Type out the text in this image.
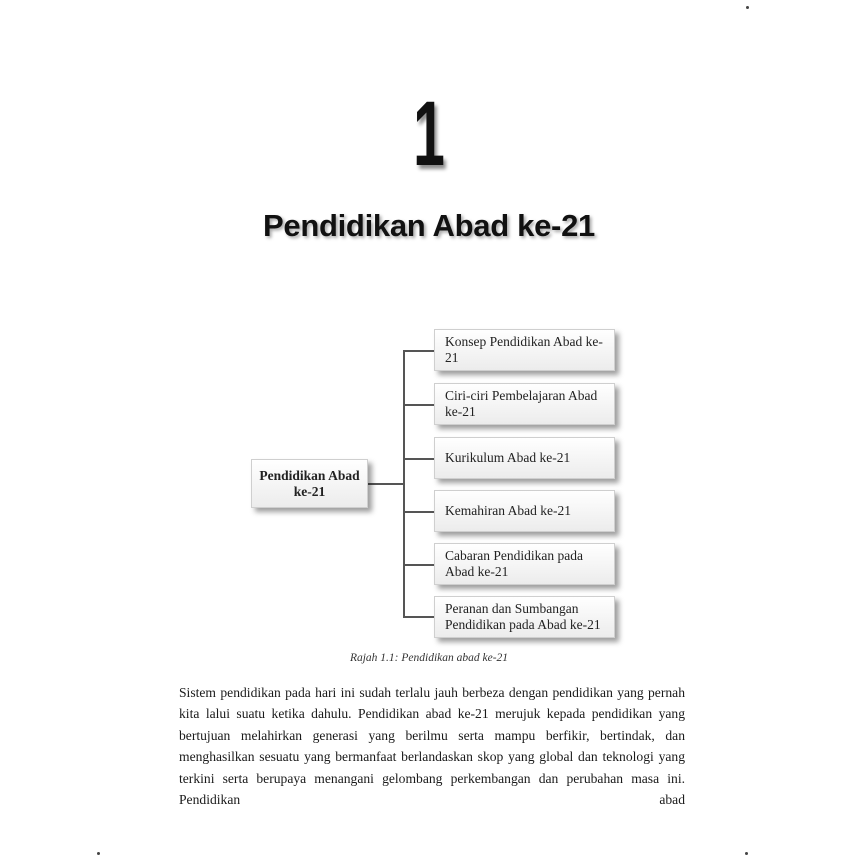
1
Pendidikan Abad ke-21
Pendidikan Abad ke-21
Konsep Pendidikan Abad ke-21
Ciri-ciri Pembelajaran Abad ke-21
Kurikulum Abad ke-21
Kemahiran Abad ke-21
Cabaran Pendidikan pada Abad ke-21
Peranan dan Sumbangan Pendidikan pada Abad ke-21
Rajah 1.1: Pendidikan abad ke-21
Sistem pendidikan pada hari ini sudah terlalu jauh berbeza dengan pendidikan yang pernah kita lalui suatu ketika dahulu. Pendidikan abad ke-21 merujuk kepada pendidikan yang bertujuan melahirkan generasi yang berilmu serta mampu berfikir, bertindak, dan menghasilkan sesuatu yang bermanfaat berlandaskan skop yang global dan teknologi yang terkini serta berupaya menangani gelombang perkembangan dan perubahan masa ini. Pendidikan abad
